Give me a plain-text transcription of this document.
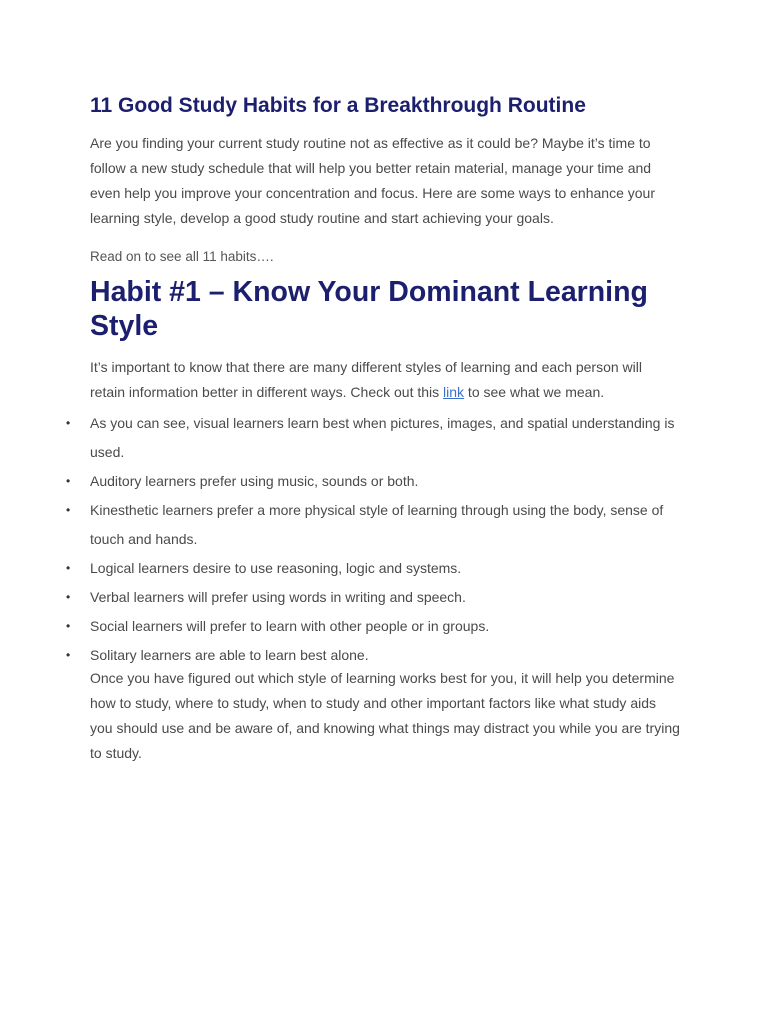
11 Good Study Habits for a Breakthrough Routine

Are you finding your current study routine not as effective as it could be? Maybe it’s time to follow a new study schedule that will help you better retain material, manage your time and even help you improve your concentration and focus. Here are some ways to enhance your learning style, develop a good study routine and start achieving your goals.

Read on to see all 11 habits….

Habit #1 – Know Your Dominant Learning Style

It’s important to know that there are many different styles of learning and each person will retain information better in different ways. Check out this link to see what we mean.

• As you can see, visual learners learn best when pictures, images, and spatial understanding is used.
• Auditory learners prefer using music, sounds or both.
• Kinesthetic learners prefer a more physical style of learning through using the body, sense of touch and hands.
• Logical learners desire to use reasoning, logic and systems.
• Verbal learners will prefer using words in writing and speech.
• Social learners will prefer to learn with other people or in groups.
• Solitary learners are able to learn best alone.

Once you have figured out which style of learning works best for you, it will help you determine how to study, where to study, when to study and other important factors like what study aids you should use and be aware of, and knowing what things may distract you while you are trying to study.
